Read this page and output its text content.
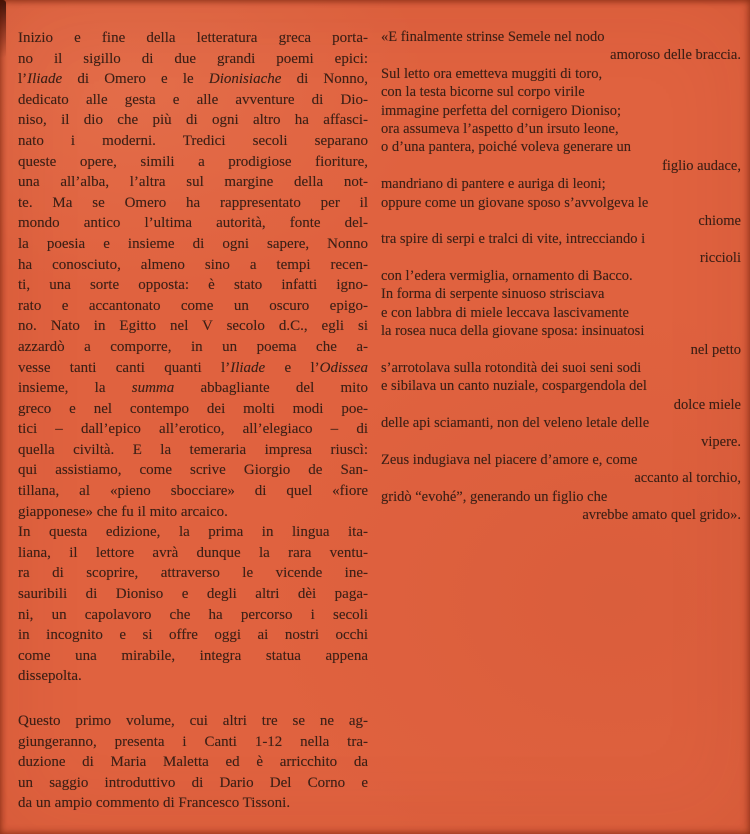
Inizio e fine della letteratura greca porta-
no il sigillo di due grandi poemi epici:
l’Iliade di Omero e le Dionisiache di Nonno,
dedicato alle gesta e alle avventure di Dio-
niso, il dio che più di ogni altro ha affasci-
nato i moderni. Tredici secoli separano
queste opere, simili a prodigiose fioriture,
una all’alba, l’altra sul margine della not-
te. Ma se Omero ha rappresentato per il
mondo antico l’ultima autorità, fonte del-
la poesia e insieme di ogni sapere, Nonno
ha conosciuto, almeno sino a tempi recen-
ti, una sorte opposta: è stato infatti igno-
rato e accantonato come un oscuro epigo-
no. Nato in Egitto nel V secolo d.C., egli si
azzardò a comporre, in un poema che a-
vesse tanti canti quanti l’Iliade e l’Odissea
insieme, la summa abbagliante del mito
greco e nel contempo dei molti modi poe-
tici – dall’epico all’erotico, all’elegiaco – di
quella civiltà. E la temeraria impresa riuscì:
qui assistiamo, come scrive Giorgio de San-
tillana, al «pieno sbocciare» di quel «fiore
giapponese» che fu il mito arcaico.
In questa edizione, la prima in lingua ita-
liana, il lettore avrà dunque la rara ventu-
ra di scoprire, attraverso le vicende ine-
sauribili di Dioniso e degli altri dèi paga-
ni, un capolavoro che ha percorso i secoli
in incognito e si offre oggi ai nostri occhi
come una mirabile, integra statua appena
dissepolta.
Questo primo volume, cui altri tre se ne ag-
giungeranno, presenta i Canti 1-12 nella tra-
duzione di Maria Maletta ed è arricchito da
un saggio introduttivo di Dario Del Corno e
da un ampio commento di Francesco Tissoni.
«E finalmente strinse Semele nel nodo
amoroso delle braccia.
Sul letto ora emetteva muggiti di toro,
con la testa bicorne sul corpo virile
immagine perfetta del cornigero Dioniso;
ora assumeva l’aspetto d’un irsuto leone,
o d’una pantera, poiché voleva generare un
figlio audace,
mandriano di pantere e auriga di leoni;
oppure come un giovane sposo s’avvolgeva le
chiome
tra spire di serpi e tralci di vite, intrecciando i
riccioli
con l’edera vermiglia, ornamento di Bacco.
In forma di serpente sinuoso strisciava
e con labbra di miele leccava lascivamente
la rosea nuca della giovane sposa: insinuatosi
nel petto
s’arrotolava sulla rotondità dei suoi seni sodi
e sibilava un canto nuziale, cospargendola del
dolce miele
delle api sciamanti, non del veleno letale delle
vipere.
Zeus indugiava nel piacere d’amore e, come
accanto al torchio,
gridò “evohé”, generando un figlio che
avrebbe amato quel grido».
